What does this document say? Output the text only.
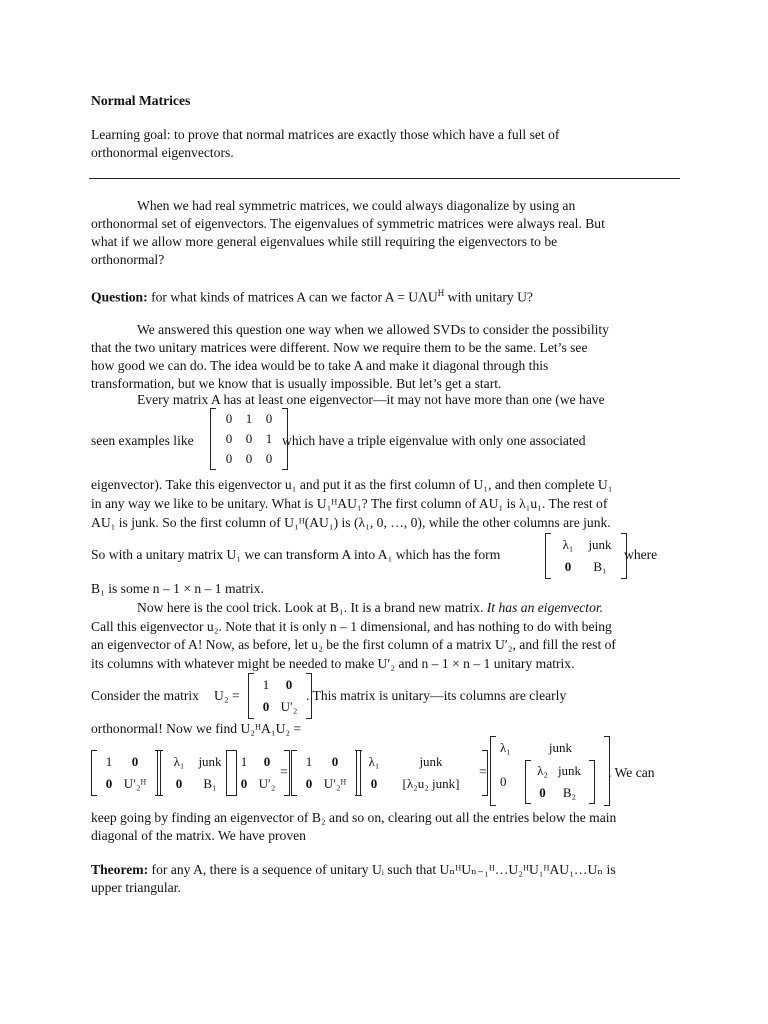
Normal Matrices
Learning goal: to prove that normal matrices are exactly those which have a full set of
orthonormal eigenvectors.
When we had real symmetric matrices, we could always diagonalize by using an
orthonormal set of eigenvectors. The eigenvalues of symmetric matrices were always real. But
what if we allow more general eigenvalues while still requiring the eigenvectors to be
orthonormal?
Question: for what kinds of matrices A can we factor $A = U\Lambda U^H$ with unitary U?
We answered this question one way when we allowed SVDs to consider the possibility
that the two unitary matrices were different. Now we require them to be the same. Let’s see
how good we can do. The idea would be to take A and make it diagonal through this
transformation, but we know that is usually impossible. But let’s get a start.
Every matrix A has at least one eigenvector—it may not have more than one (we have
seen examples like
0 1 0
0 0 1
0 0 0
which have a triple eigenvalue with only one associated
eigenvector). Take this eigenvector u₁ and put it as the first column of U₁, and then complete U₁
in any way we like to be unitary. What is U₁ᴴAU₁? The first column of AU₁ is λ₁u₁. The rest of
AU₁ is junk. So the first column of U₁ᴴ(AU₁) is (λ₁, 0, …, 0), while the other columns are junk.
So with a unitary matrix U₁ we can transform A into A₁ which has the form
λ₁ junk
0 B₁
where
B₁ is some n – 1 × n – 1 matrix.
Now here is the cool trick. Look at B₁. It is a brand new matrix. It has an eigenvector.
Call this eigenvector u₂. Note that it is only n – 1 dimensional, and has nothing to do with being
an eigenvector of A! Now, as before, let u₂ be the first column of a matrix U′₂, and fill the rest of
its columns with whatever might be needed to make U′₂ and n – 1 × n – 1 unitary matrix.
Consider the matrix U₂ =
1 0
0 U′₂
. This matrix is unitary—its columns are clearly
orthonormal! Now we find U₂ᴴA₁U₂ =
1 0
0 U′₂ᴴ
λ₁ junk
0 B₁
1 0
0 U′₂
=
1 0
0 U′₂ᴴ
λ₁	junk
0 [λ₂u₂ junk]
=
λ₁	junk
0
λ₂ junk
0 B₂
. We can
keep going by finding an eigenvector of B₂ and so on, clearing out all the entries below the main
diagonal of the matrix. We have proven
Theorem: for any A, there is a sequence of unitary Uᵢ such that UₙᴴUₙ₋₁ᴴ…U₂ᴴU₁ᴴAU₁…Uₙ is
upper triangular.
